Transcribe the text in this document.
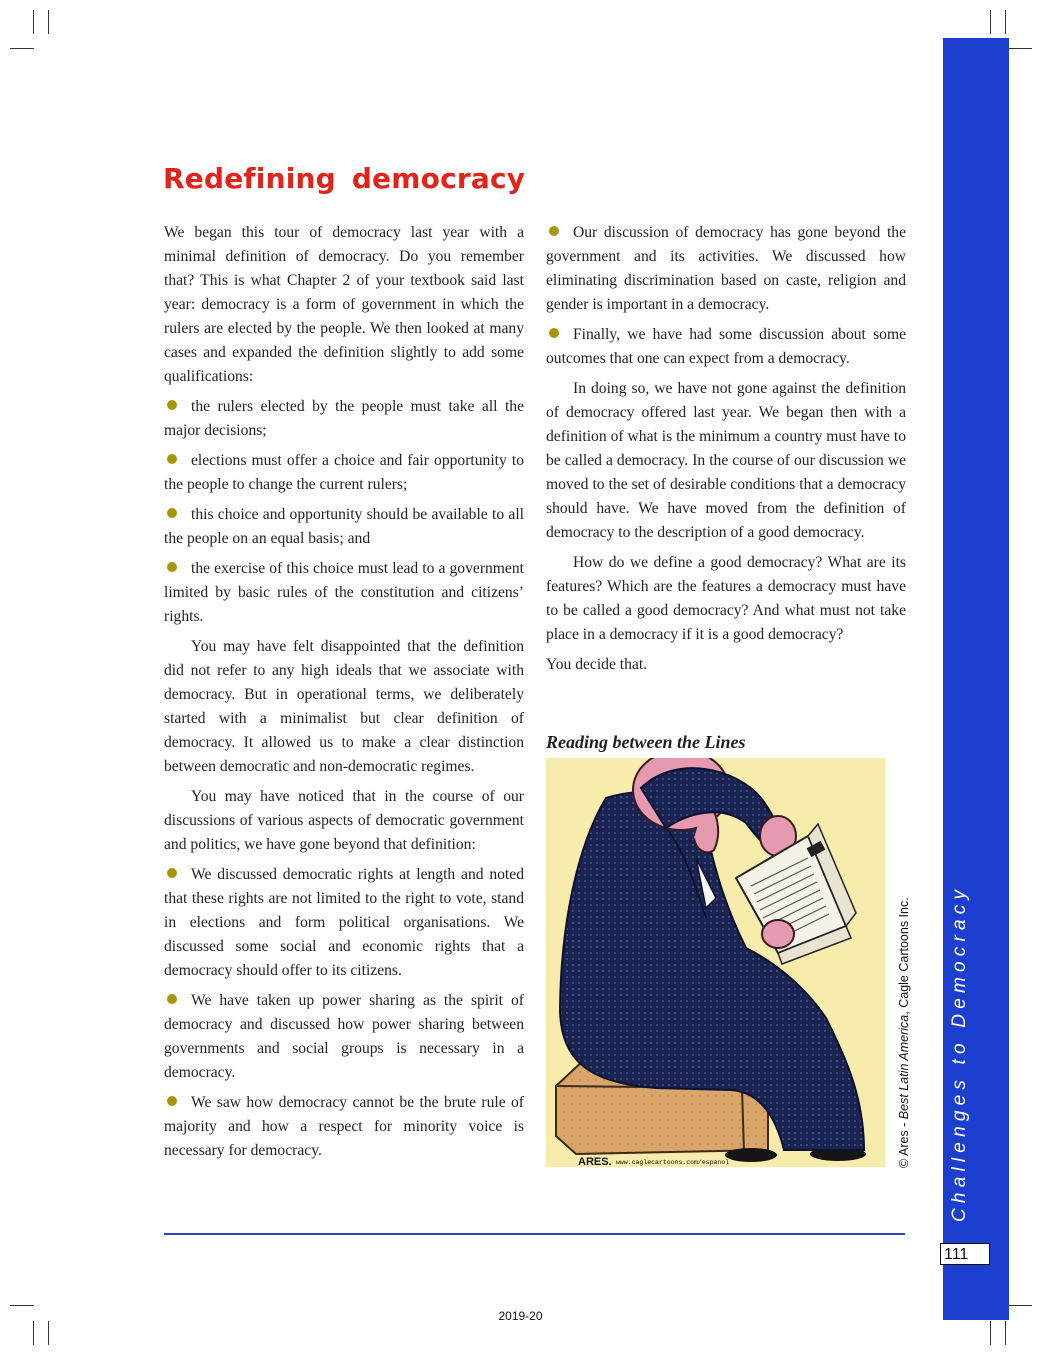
Challenges to Democracy
111
Redefining democracy

We began this tour of democracy last year with a minimal definition of democracy. Do you remember that? This is what Chapter 2 of your textbook said last year: democracy is a form of government in which the rulers are elected by the people. We then looked at many cases and expanded the definition slightly to add some qualifications:

the rulers elected by the people must take all the major decisions;

elections must offer a choice and fair opportunity to the people to change the current rulers;

this choice and opportunity should be available to all the people on an equal basis; and

the exercise of this choice must lead to a government limited by basic rules of the constitution and citizens’ rights.

You may have felt disappointed that the definition did not refer to any high ideals that we associate with democracy. But in operational terms, we deliberately started with a minimalist but clear definition of democracy. It allowed us to make a clear distinction between democratic and non-democratic regimes.

You may have noticed that in the course of our discussions of various aspects of democratic government and politics, we have gone beyond that definition:

We discussed democratic rights at length and noted that these rights are not limited to the right to vote, stand in elections and form political organisations. We discussed some social and economic rights that a democracy should offer to its citizens.

We have taken up power sharing as the spirit of democracy and discussed how power sharing between governments and social groups is necessary in a democracy.

We saw how democracy cannot be the brute rule of majority and how a respect for minority voice is necessary for democracy.

Our discussion of democracy has gone beyond the government and its activities. We discussed how eliminating discrimination based on caste, religion and gender is important in a democracy.

Finally, we have had some discussion about some outcomes that one can expect from a democracy.

In doing so, we have not gone against the definition of democracy offered last year. We began then with a definition of what is the minimum a country must have to be called a democracy. In the course of our discussion we moved to the set of desirable conditions that a democracy should have. We have moved from the definition of democracy to the description of a good democracy.

How do we define a good democracy? What are its features? Which are the features a democracy must have to be called a good democracy? And what must not take place in a democracy if it is a good democracy?

You decide that.

Reading between the Lines
ARES. www.caglecartoons.com/espanol	© Ares - Best Latin America, Cagle Cartoons Inc.
2019-20
